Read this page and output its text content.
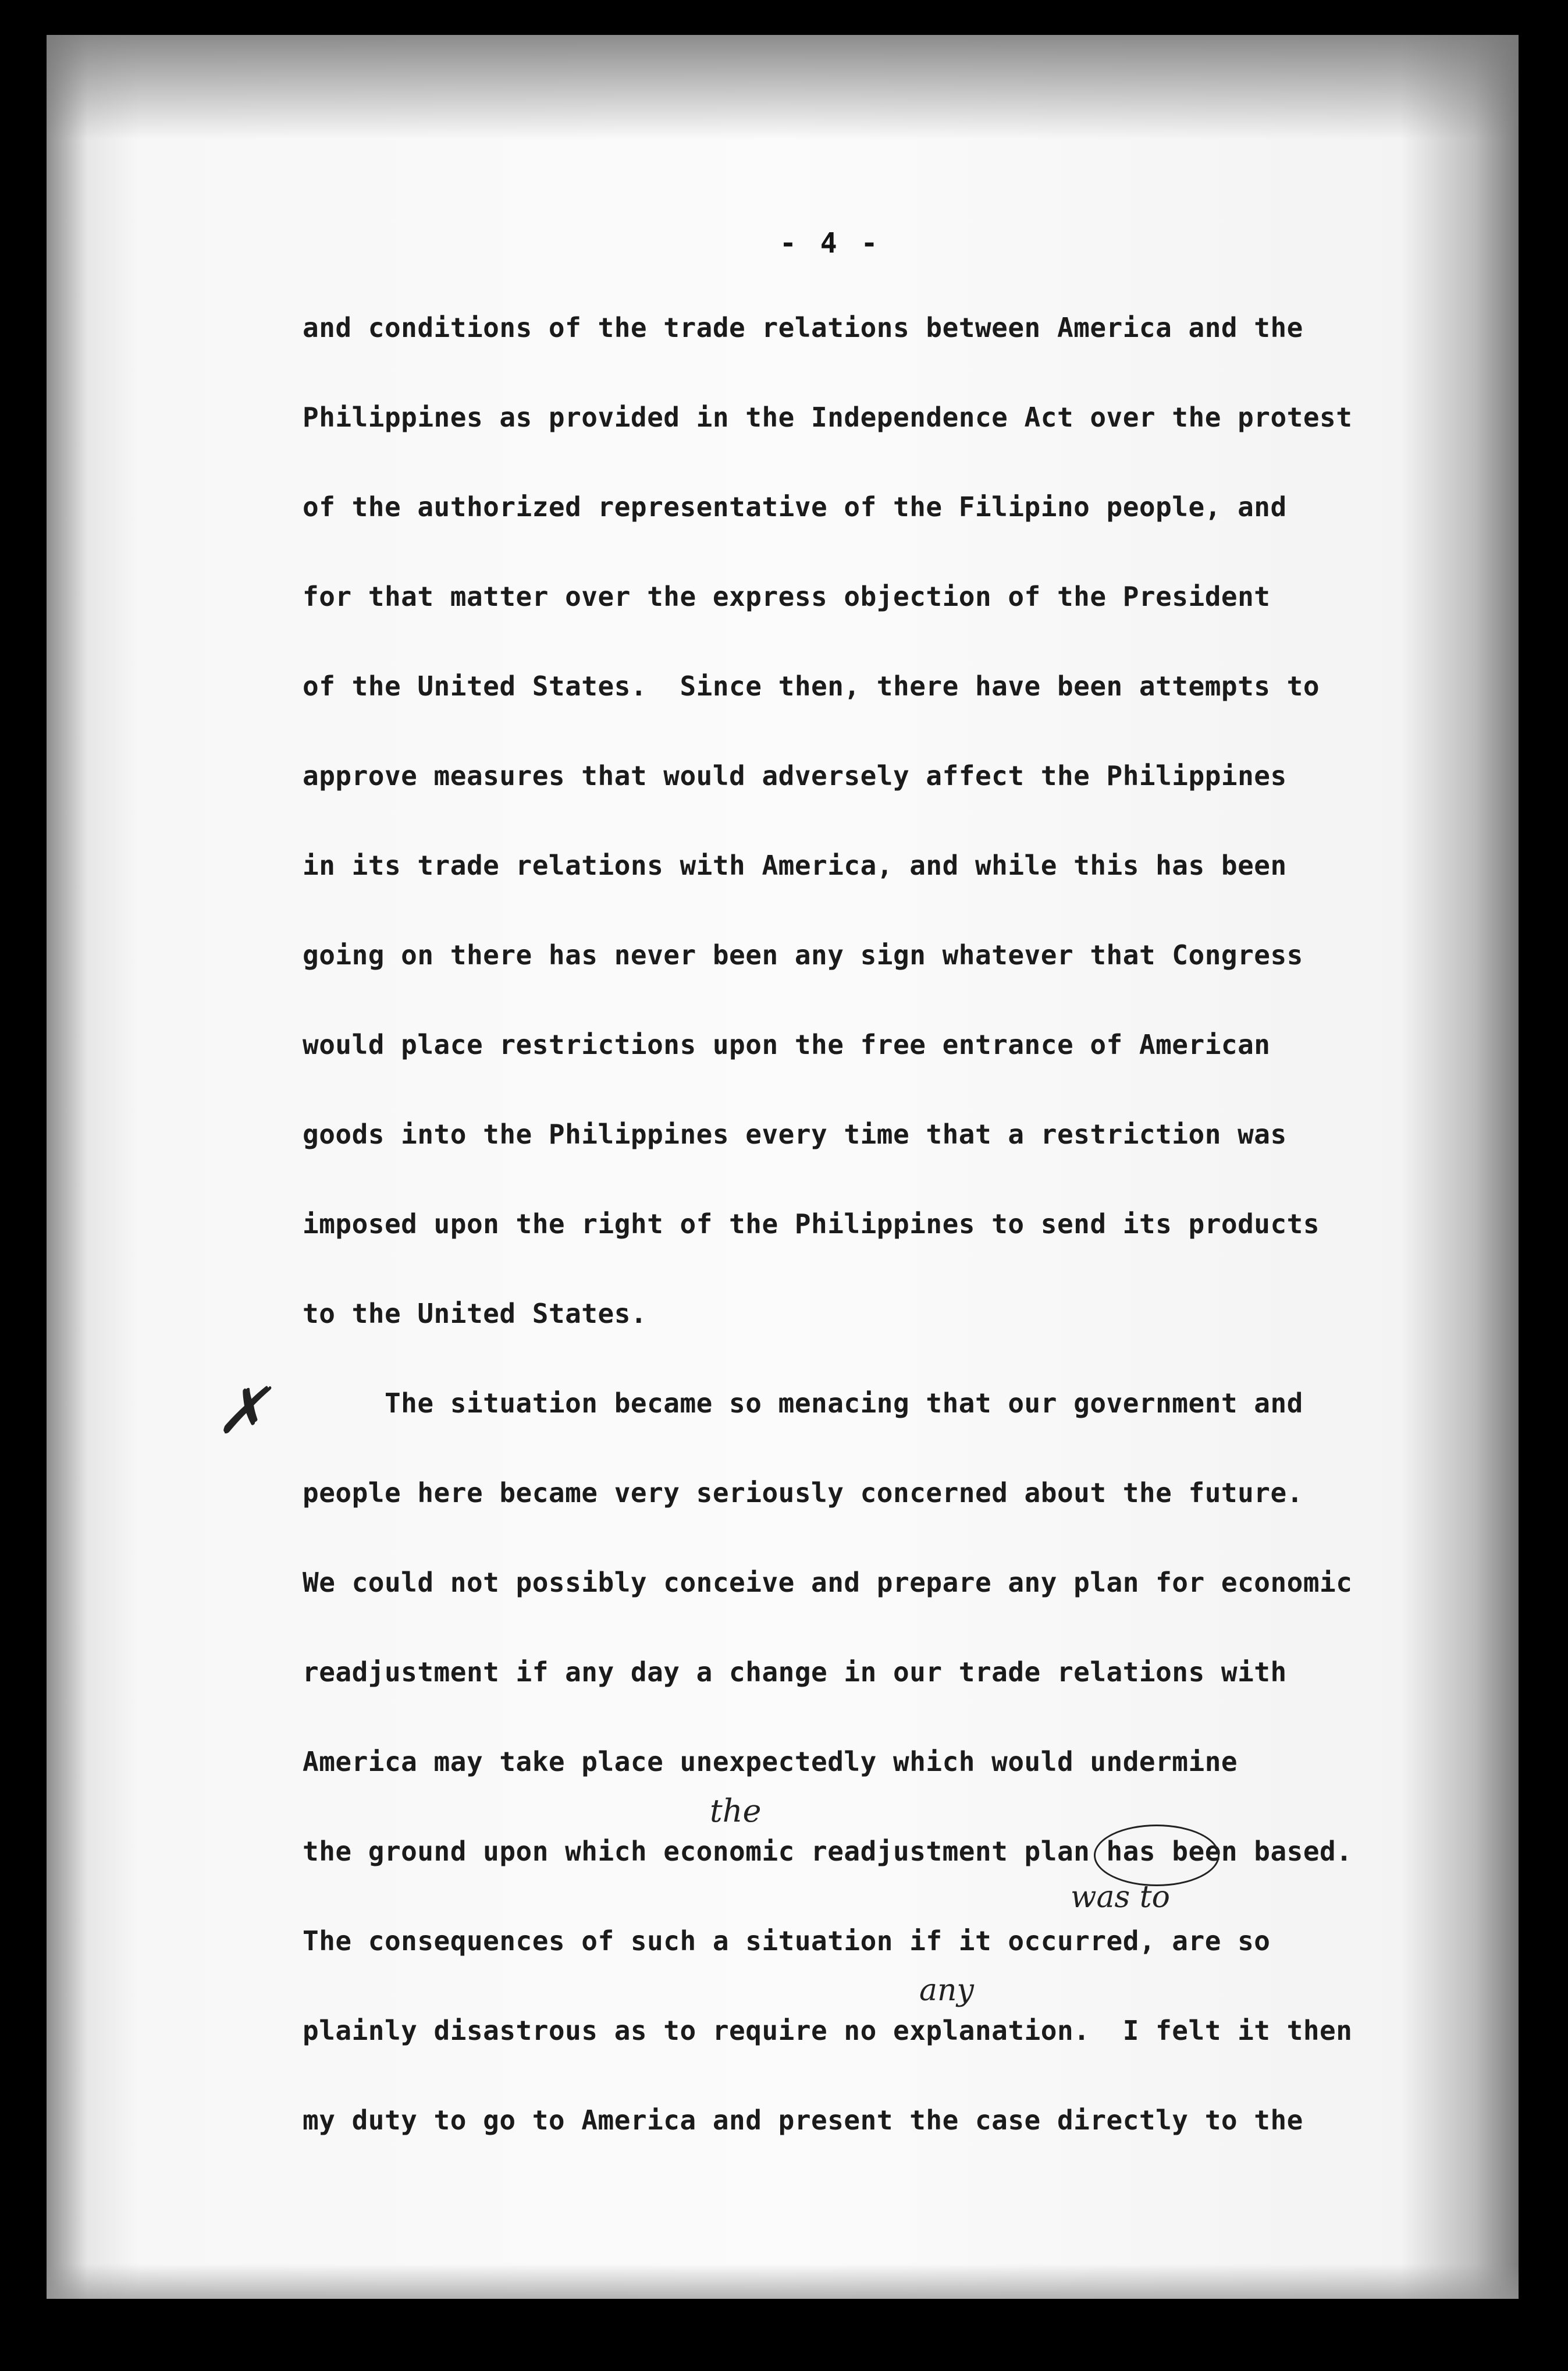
- 4 -
and conditions of the trade relations between America and the
Philippines as provided in the Independence Act over the protest
of the authorized representative of the Filipino people, and
for that matter over the express objection of the President
of the United States.  Since then, there have been attempts to
approve measures that would adversely affect the Philippines
in its trade relations with America, and while this has been
going on there has never been any sign whatever that Congress
would place restrictions upon the free entrance of American
goods into the Philippines every time that a restriction was
imposed upon the right of the Philippines to send its products
to the United States.
The situation became so menacing that our government and
people here became very seriously concerned about the future.
We could not possibly conceive and prepare any plan for economic
readjustment if any day a change in our trade relations with
America may take place unexpectedly which would undermine
the ground upon which economic readjustment plan has been based.
The consequences of such a situation if it occurred, are so
plainly disastrous as to require no explanation.  I felt it then
my duty to go to America and present the case directly to the
✗
the
was to
any
